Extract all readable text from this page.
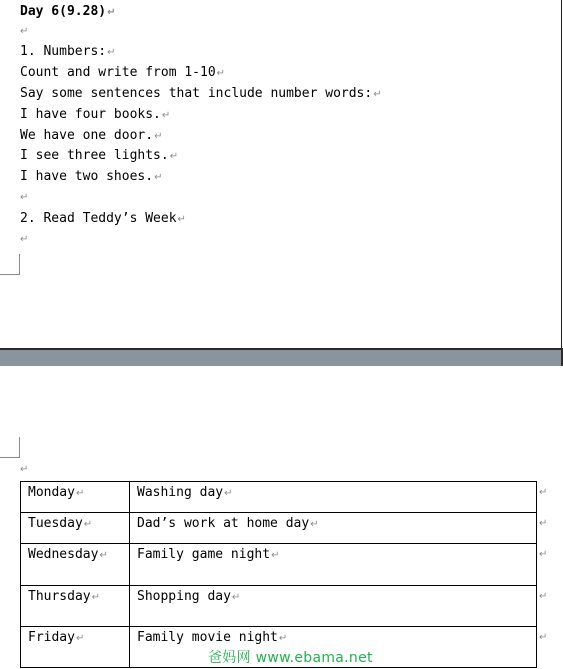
Day 6(9.28)↵
↵
1. Numbers:↵
Count and write from 1-10↵
Say some sentences that include number words:↵
I have four books.↵
We have one door.↵
I see three lights.↵
I have two shoes.↵
↵
2. Read Teddy’s Week↵
↵
↵
Monday↵	Washing day↵
Tuesday↵	Dad’s work at home day↵
Wednesday↵	Family game night↵
Thursday↵	Shopping day↵
Friday↵	Family movie night↵
↵
↵
↵
↵
↵
爸妈网 www.ebama.net
